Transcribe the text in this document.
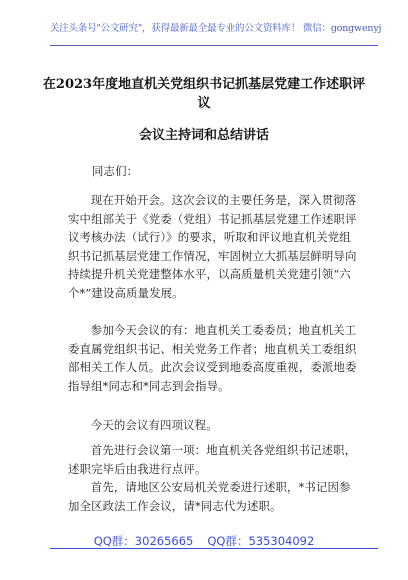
关注头条号"公文研究"，获得最新最全最专业的公文资料库！ 微信：gongwenyj
在2023年度地直机关党组织书记抓基层党建工作述职评议
会议主持词和总结讲话
同志们：
现在开始开会。这次会议的主要任务是，深入贯彻落实中组部关于《党委（党组）书记抓基层党建工作述职评议考核办法（试行）》的要求，听取和评议地直机关党组织书记抓基层党建工作情况，牢固树立大抓基层鲜明导向持续提升机关党建整体水平，以高质量机关党建引领“六个*”建设高质量发展。
参加今天会议的有：地直机关工委委员；地直机关工委直属党组织书记、相关党务工作者；地直机关工委组织部相关工作人员。此次会议受到地委高度重视，委派地委指导组*同志和*同志到会指导。
今天的会议有四项议程。
首先进行会议第一项：地直机关各党组织书记述职，述职完毕后由我进行点评。
首先，请地区公安局机关党委进行述职，*书记因参加全区政法工作会议，请*同志代为述职。
QQ群：30265665 QQ群：535304092
